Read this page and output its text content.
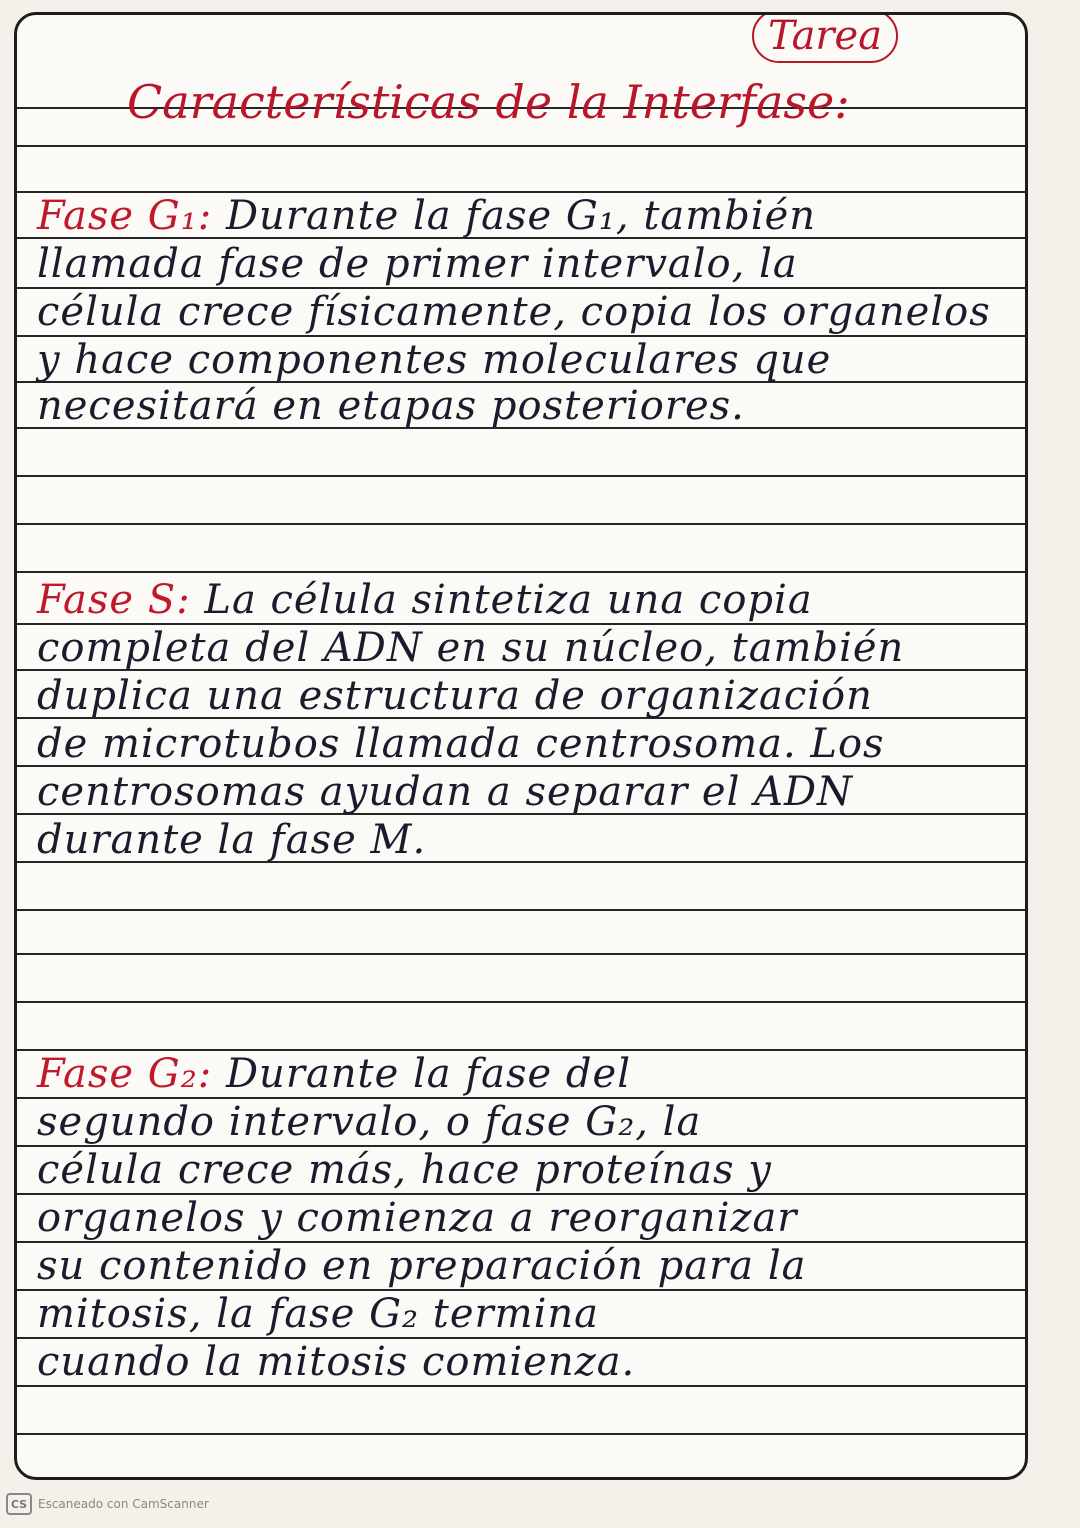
Tarea
Características de la Interfase:
Fase G₁: Durante la fase G₁, también
llamada fase de primer intervalo, la
célula crece físicamente, copia los organelos
y hace componentes moleculares que
necesitará en etapas posteriores.
Fase S: La célula sintetiza una copia
completa del ADN en su núcleo, también
duplica una estructura de organización
de microtubos llamada centrosoma. Los
centrosomas ayudan a separar el ADN
durante la fase M.
Fase G₂: Durante la fase del
segundo intervalo, o fase G₂, la
célula crece más, hace proteínas y
organelos y comienza a reorganizar
su contenido en preparación para la
mitosis, la fase G₂ termina
cuando la mitosis comienza.
CS Escaneado con CamScanner
